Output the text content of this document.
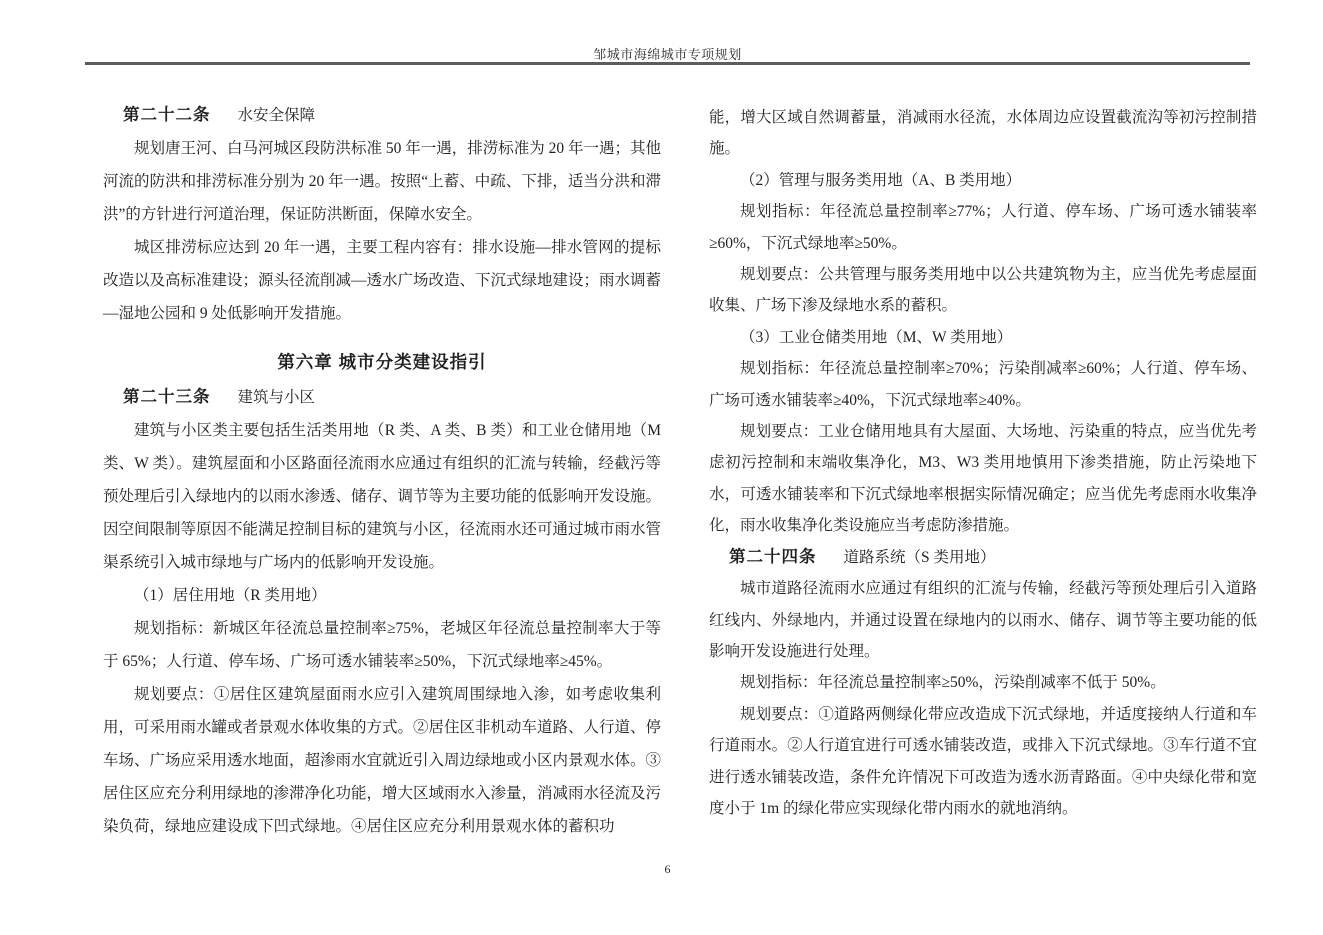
邹城市海绵城市专项规划

第二十二条 水安全保障

规划唐王河、白马河城区段防洪标准 50 年一遇，排涝标准为 20 年一遇；其他河流的防洪和排涝标准分别为 20 年一遇。按照“上蓄、中疏、下排，适当分洪和滞洪”的方针进行河道治理，保证防洪断面，保障水安全。

城区排涝标应达到 20 年一遇，主要工程内容有：排水设施—排水管网的提标改造以及高标准建设；源头径流削减—透水广场改造、下沉式绿地建设；雨水调蓄—湿地公园和 9 处低影响开发措施。

第六章 城市分类建设指引

第二十三条 建筑与小区

建筑与小区类主要包括生活类用地（R 类、A 类、B 类）和工业仓储用地（M 类、W 类）。建筑屋面和小区路面径流雨水应通过有组织的汇流与转输，经截污等预处理后引入绿地内的以雨水渗透、储存、调节等为主要功能的低影响开发设施。因空间限制等原因不能满足控制目标的建筑与小区，径流雨水还可通过城市雨水管渠系统引入城市绿地与广场内的低影响开发设施。

（1）居住用地（R 类用地）

规划指标：新城区年径流总量控制率≥75%，老城区年径流总量控制率大于等于 65%；人行道、停车场、广场可透水铺装率≥50%，下沉式绿地率≥45%。

规划要点：①居住区建筑屋面雨水应引入建筑周围绿地入渗，如考虑收集利用，可采用雨水罐或者景观水体收集的方式。②居住区非机动车道路、人行道、停车场、广场应采用透水地面，超渗雨水宜就近引入周边绿地或小区内景观水体。③居住区应充分利用绿地的渗滞净化功能，增大区域雨水入渗量，消减雨水径流及污染负荷，绿地应建设成下凹式绿地。④居住区应充分利用景观水体的蓄积功

能，增大区域自然调蓄量，消减雨水径流，水体周边应设置截流沟等初污控制措施。

（2）管理与服务类用地（A、B 类用地）

规划指标：年径流总量控制率≥77%；人行道、停车场、广场可透水铺装率≥60%，下沉式绿地率≥50%。

规划要点：公共管理与服务类用地中以公共建筑物为主，应当优先考虑屋面收集、广场下渗及绿地水系的蓄积。

（3）工业仓储类用地（M、W 类用地）

规划指标：年径流总量控制率≥70%；污染削减率≥60%；人行道、停车场、广场可透水铺装率≥40%，下沉式绿地率≥40%。

规划要点：工业仓储用地具有大屋面、大场地、污染重的特点，应当优先考虑初污控制和末端收集净化，M3、W3 类用地慎用下渗类措施，防止污染地下水，可透水铺装率和下沉式绿地率根据实际情况确定；应当优先考虑雨水收集净化，雨水收集净化类设施应当考虑防渗措施。

第二十四条 道路系统（S 类用地）

城市道路径流雨水应通过有组织的汇流与传输，经截污等预处理后引入道路红线内、外绿地内，并通过设置在绿地内的以雨水、储存、调节等主要功能的低影响开发设施进行处理。

规划指标：年径流总量控制率≥50%，污染削减率不低于 50%。

规划要点：①道路两侧绿化带应改造成下沉式绿地，并适度接纳人行道和车行道雨水。②人行道宜进行可透水铺装改造，或排入下沉式绿地。③车行道不宜进行透水铺装改造，条件允许情况下可改造为透水沥青路面。④中央绿化带和宽度小于 1m 的绿化带应实现绿化带内雨水的就地消纳。

6
